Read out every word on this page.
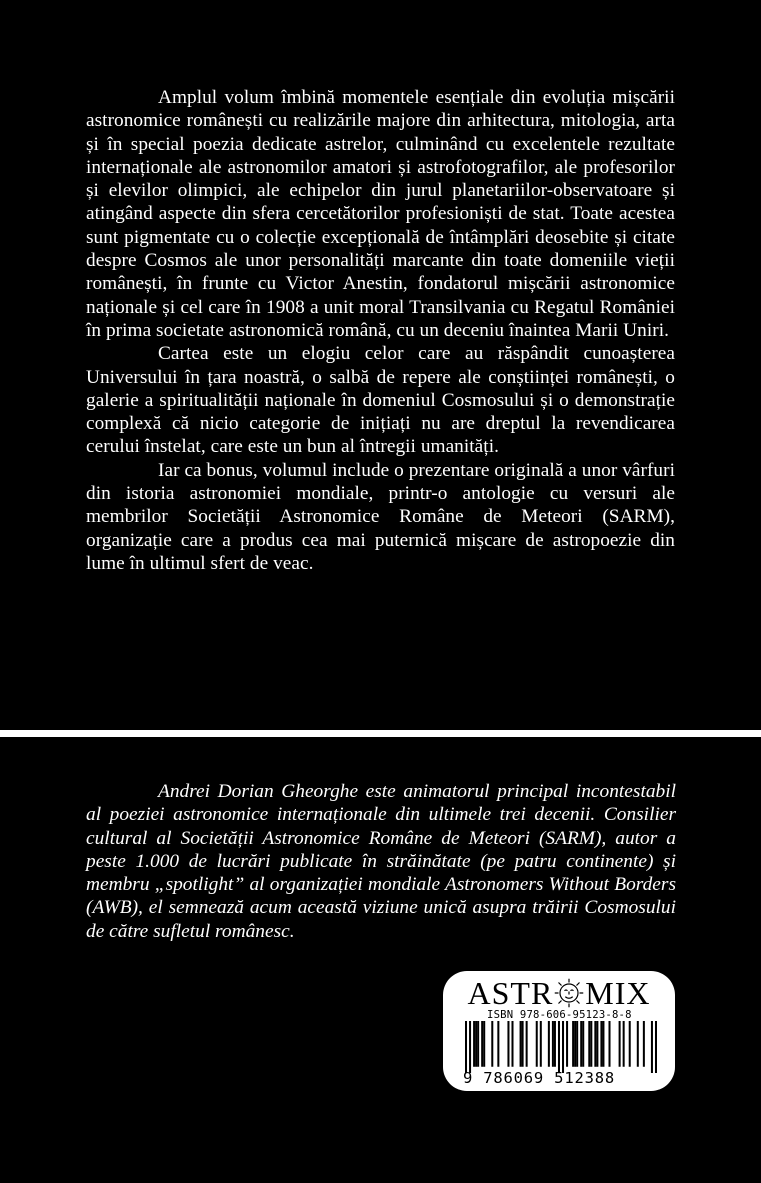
Amplul volum îmbină momentele esențiale din evoluția mișcării astronomice românești cu realizările majore din arhitectura, mitologia, arta și în special poezia dedicate astrelor, culminând cu excelentele rezultate internaționale ale astronomilor amatori și astrofotografilor, ale profesorilor și elevilor olimpici, ale echipelor din jurul planetariilor-observatoare și atingând aspecte din sfera cercetătorilor profesioniști de stat. Toate acestea sunt pigmentate cu o colecție excepțională de întâmplări deosebite și citate despre Cosmos ale unor personalități marcante din toate domeniile vieții românești, în frunte cu Victor Anestin, fondatorul mișcării astronomice naționale și cel care în 1908 a unit moral Transilvania cu Regatul României în prima societate astronomică română, cu un deceniu înaintea Marii Uniri.

Cartea este un elogiu celor care au răspândit cunoașterea Universului în țara noastră, o salbă de repere ale conștiinței românești, o galerie a spiritualității naționale în domeniul Cosmosului și o demonstrație complexă că nicio categorie de inițiați nu are dreptul la revendicarea cerului înstelat, care este un bun al întregii umanități.

Iar ca bonus, volumul include o prezentare originală a unor vârfuri din istoria astronomiei mondiale, printr-o antologie cu versuri ale membrilor Societății Astronomice Române de Meteori (SARM), organizație care a produs cea mai puternică mișcare de astropoezie din lume în ultimul sfert de veac.

Andrei Dorian Gheorghe este animatorul principal incontestabil al poeziei astronomice internaționale din ultimele trei decenii. Consilier cultural al Societății Astronomice Române de Meteori (SARM), autor a peste 1.000 de lucrări publicate în străinătate (pe patru continente) și membru „spotlight” al organizației mondiale Astronomers Without Borders (AWB), el semnează acum această viziune unică asupra trăirii Cosmosului de către sufletul românesc.

ASTR MIX
ISBN 978-606-95123-8-8
9 786069 512388
